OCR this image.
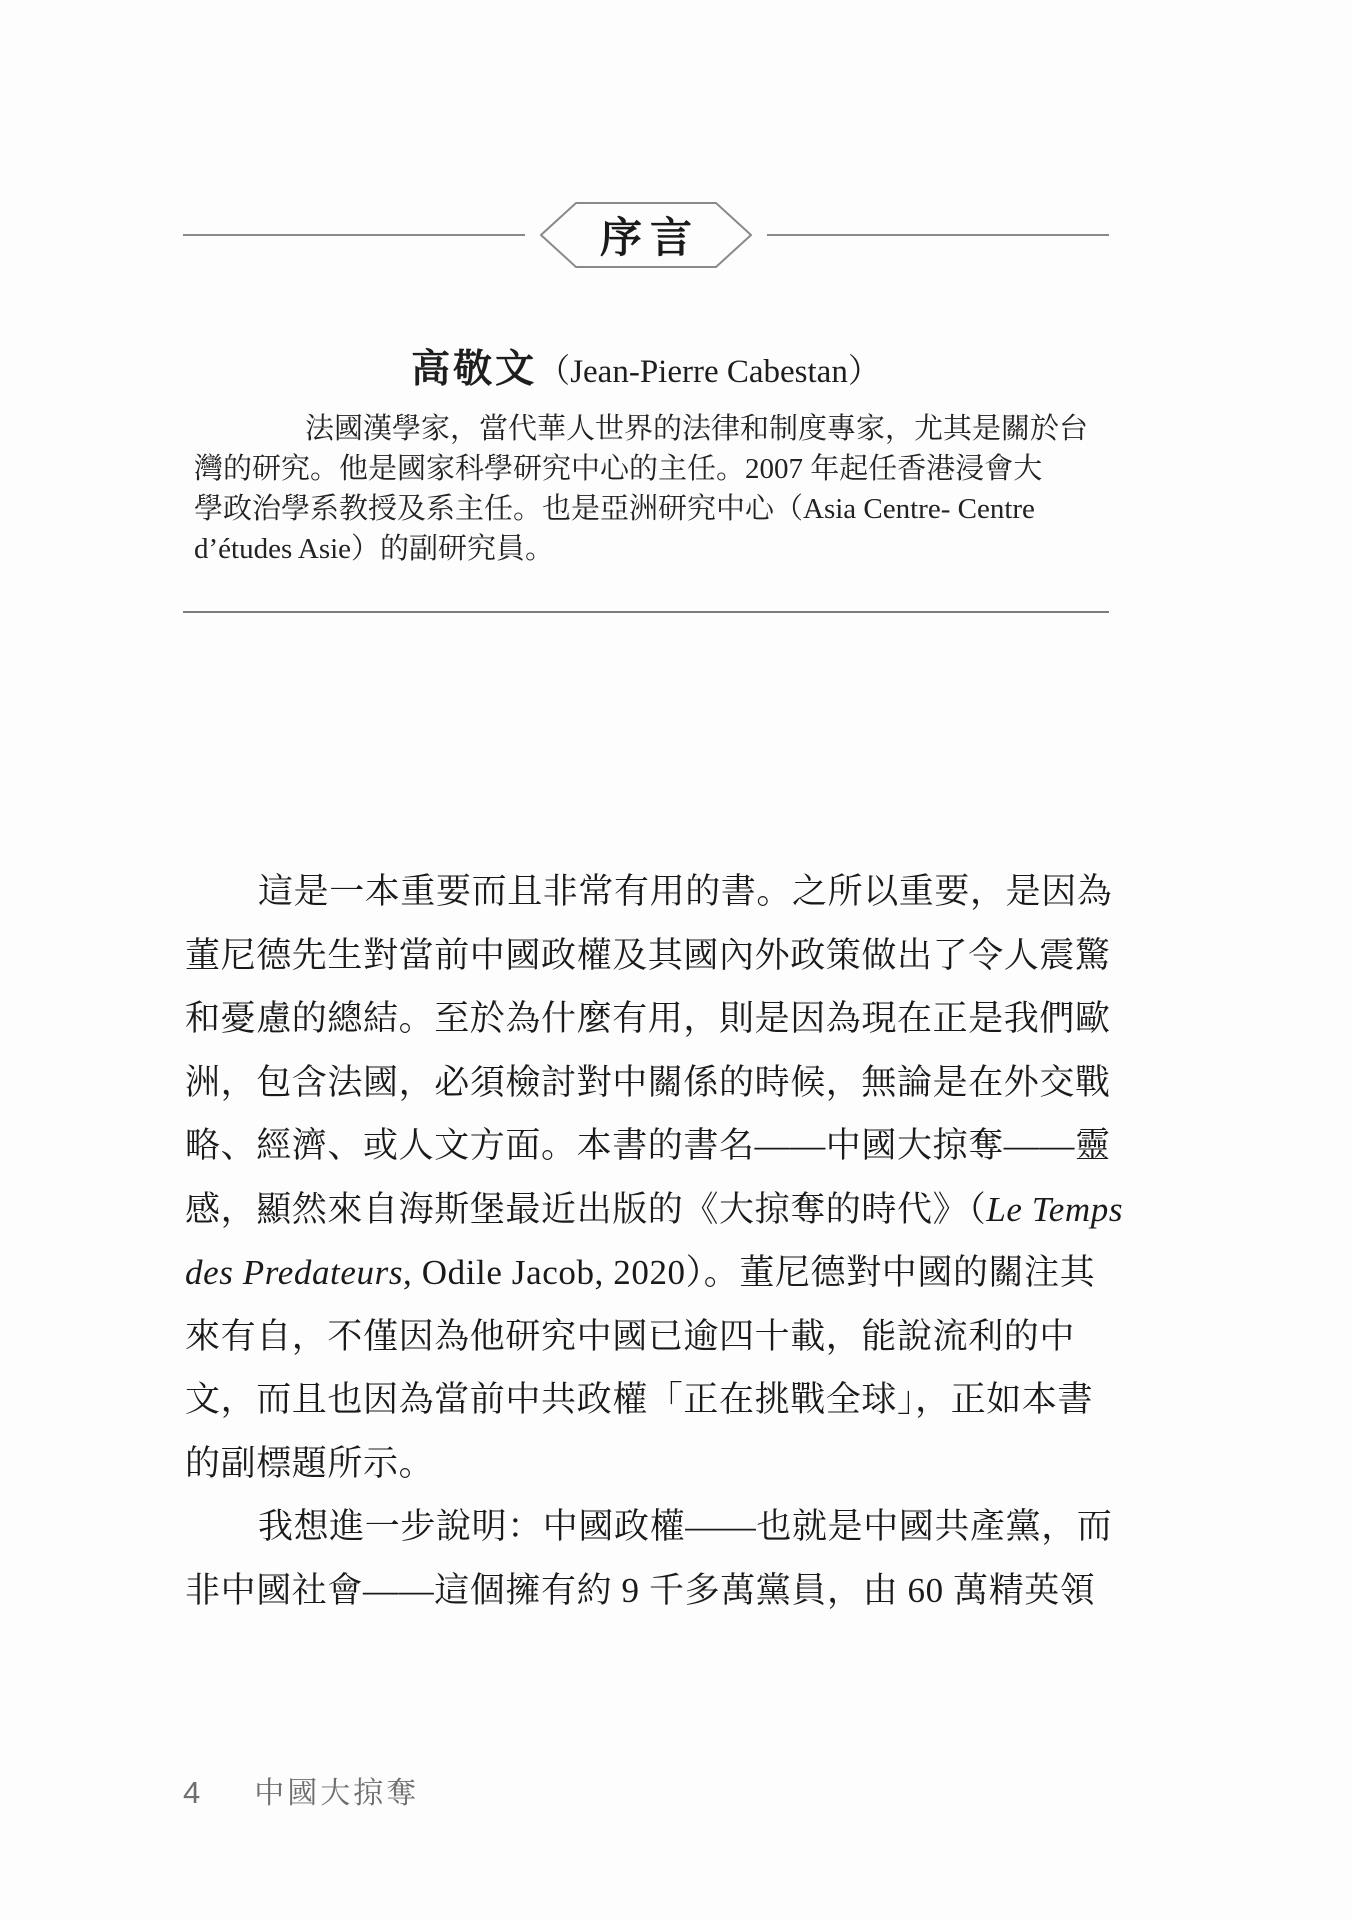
序言
高敬文（Jean-Pierre Cabestan）
法國漢學家，當代華人世界的法律和制度專家，尤其是關於台
灣的研究。他是國家科學研究中心的主任。2007 年起任香港浸會大
學政治學系教授及系主任。也是亞洲研究中心（Asia Centre- Centre
d’études Asie）的副研究員。
這是一本重要而且非常有用的書。之所以重要，是因為
董尼德先生對當前中國政權及其國內外政策做出了令人震驚
和憂慮的總結。至於為什麼有用，則是因為現在正是我們歐
洲，包含法國，必須檢討對中關係的時候，無論是在外交戰
略、經濟、或人文方面。本書的書名——中國大掠奪——靈
感，顯然來自海斯堡最近出版的《大掠奪的時代》（Le Temps
des Predateurs, Odile Jacob, 2020）。董尼德對中國的關注其
來有自，不僅因為他研究中國已逾四十載，能說流利的中
文，而且也因為當前中共政權「正在挑戰全球」，正如本書
的副標題所示。
我想進一步說明：中國政權——也就是中國共產黨，而
非中國社會——這個擁有約 9 千多萬黨員，由 60 萬精英領
4 中國大掠奪
